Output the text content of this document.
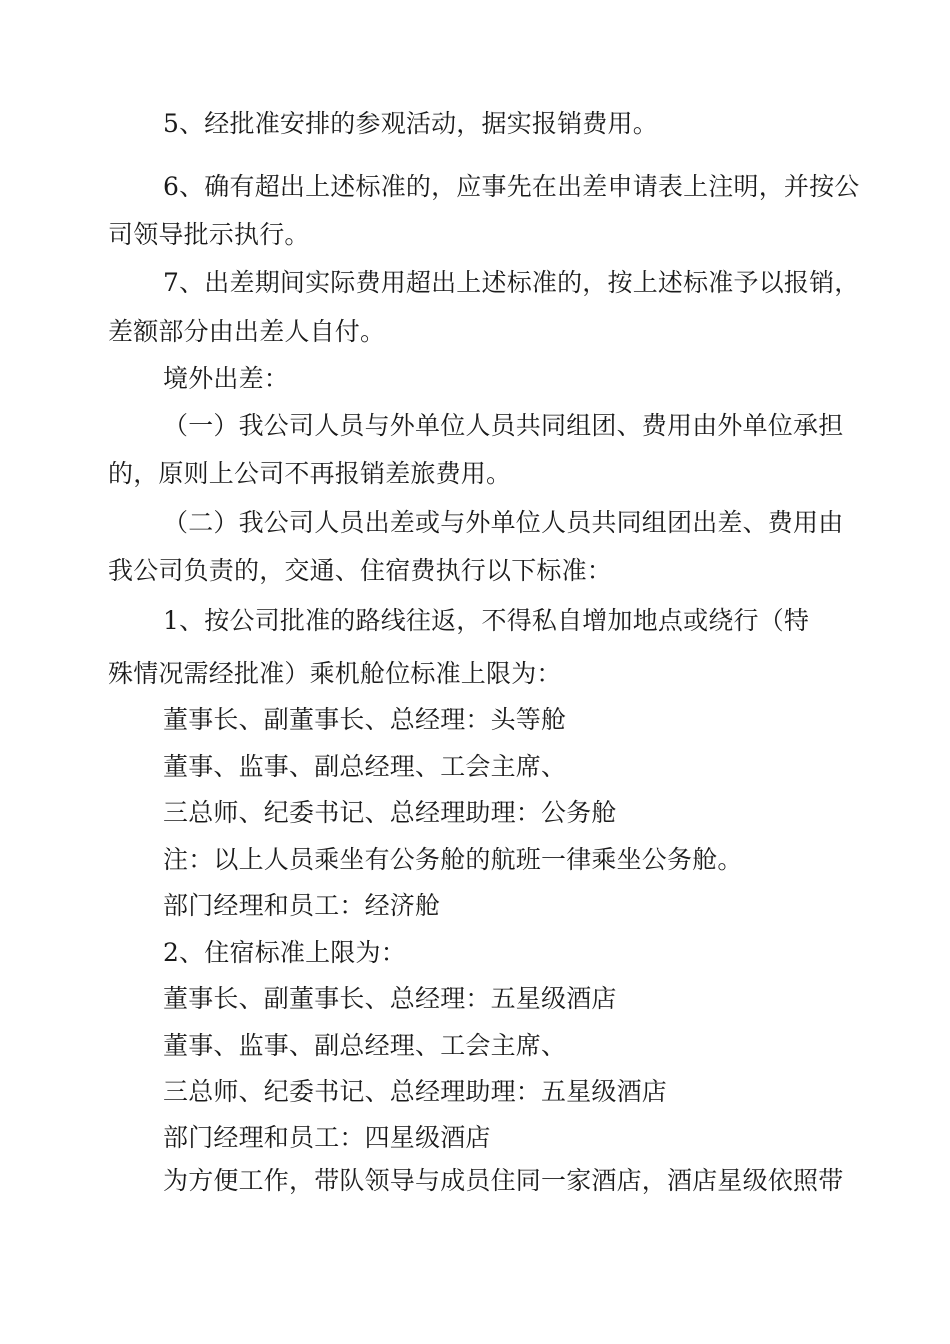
5、经批准安排的参观活动，据实报销费用。
6、确有超出上述标准的，应事先在出差申请表上注明，并按公
司领导批示执行。
7、出差期间实际费用超出上述标准的，按上述标准予以报销，
差额部分由出差人自付。
境外出差：
（一）我公司人员与外单位人员共同组团、费用由外单位承担
的，原则上公司不再报销差旅费用。
（二）我公司人员出差或与外单位人员共同组团出差、费用由
我公司负责的，交通、住宿费执行以下标准：
1、按公司批准的路线往返，不得私自增加地点或绕行（特
殊情况需经批准）乘机舱位标准上限为：
董事长、副董事长、总经理：头等舱
董事、监事、副总经理、工会主席、
三总师、纪委书记、总经理助理：公务舱
注：以上人员乘坐有公务舱的航班一律乘坐公务舱。
部门经理和员工：经济舱
2、住宿标准上限为：
董事长、副董事长、总经理：五星级酒店
董事、监事、副总经理、工会主席、
三总师、纪委书记、总经理助理：五星级酒店
部门经理和员工：四星级酒店
为方便工作，带队领导与成员住同一家酒店，酒店星级依照带
